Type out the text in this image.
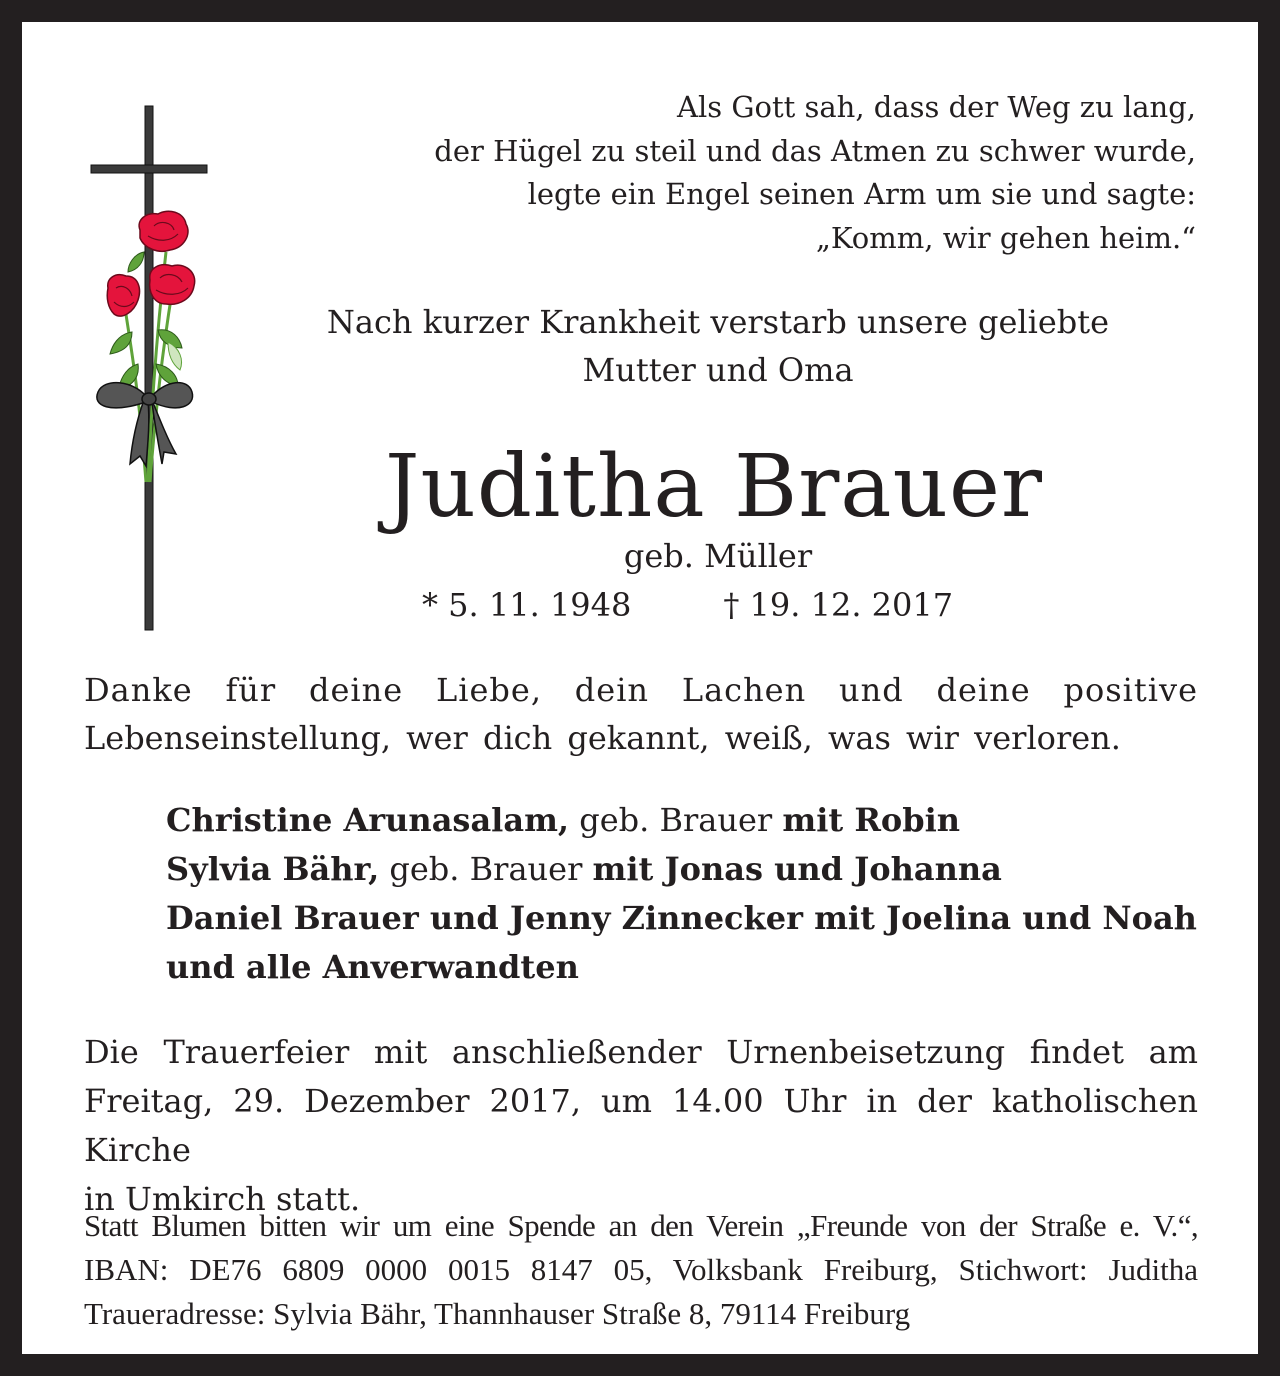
Als Gott sah, dass der Weg zu lang,
der Hügel zu steil und das Atmen zu schwer wurde,
legte ein Engel seinen Arm um sie und sagte:
„Komm, wir gehen heim.“
Nach kurzer Krankheit verstarb unsere geliebte
Mutter und Oma
Juditha Brauer
geb. Müller
* 5. 11. 1948	† 19. 12. 2017
Danke für deine Liebe, dein Lachen und deine positive
Lebenseinstellung, wer dich gekannt, weiß, was wir verloren.
Christine Arunasalam, geb. Brauer mit Robin
Sylvia Bähr, geb. Brauer mit Jonas und Johanna
Daniel Brauer und Jenny Zinnecker mit Joelina und Noah
und alle Anverwandten
Die Trauerfeier mit anschließender Urnenbeisetzung findet am
Freitag, 29. Dezember 2017, um 14.00 Uhr in der katholischen Kirche
in Umkirch statt.
Statt Blumen bitten wir um eine Spende an den Verein „Freunde von der Straße e. V.“,
IBAN: DE76 6809 0000 0015 8147 05, Volksbank Freiburg, Stichwort: Juditha
Traueradresse: Sylvia Bähr, Thannhauser Straße 8, 79114 Freiburg
